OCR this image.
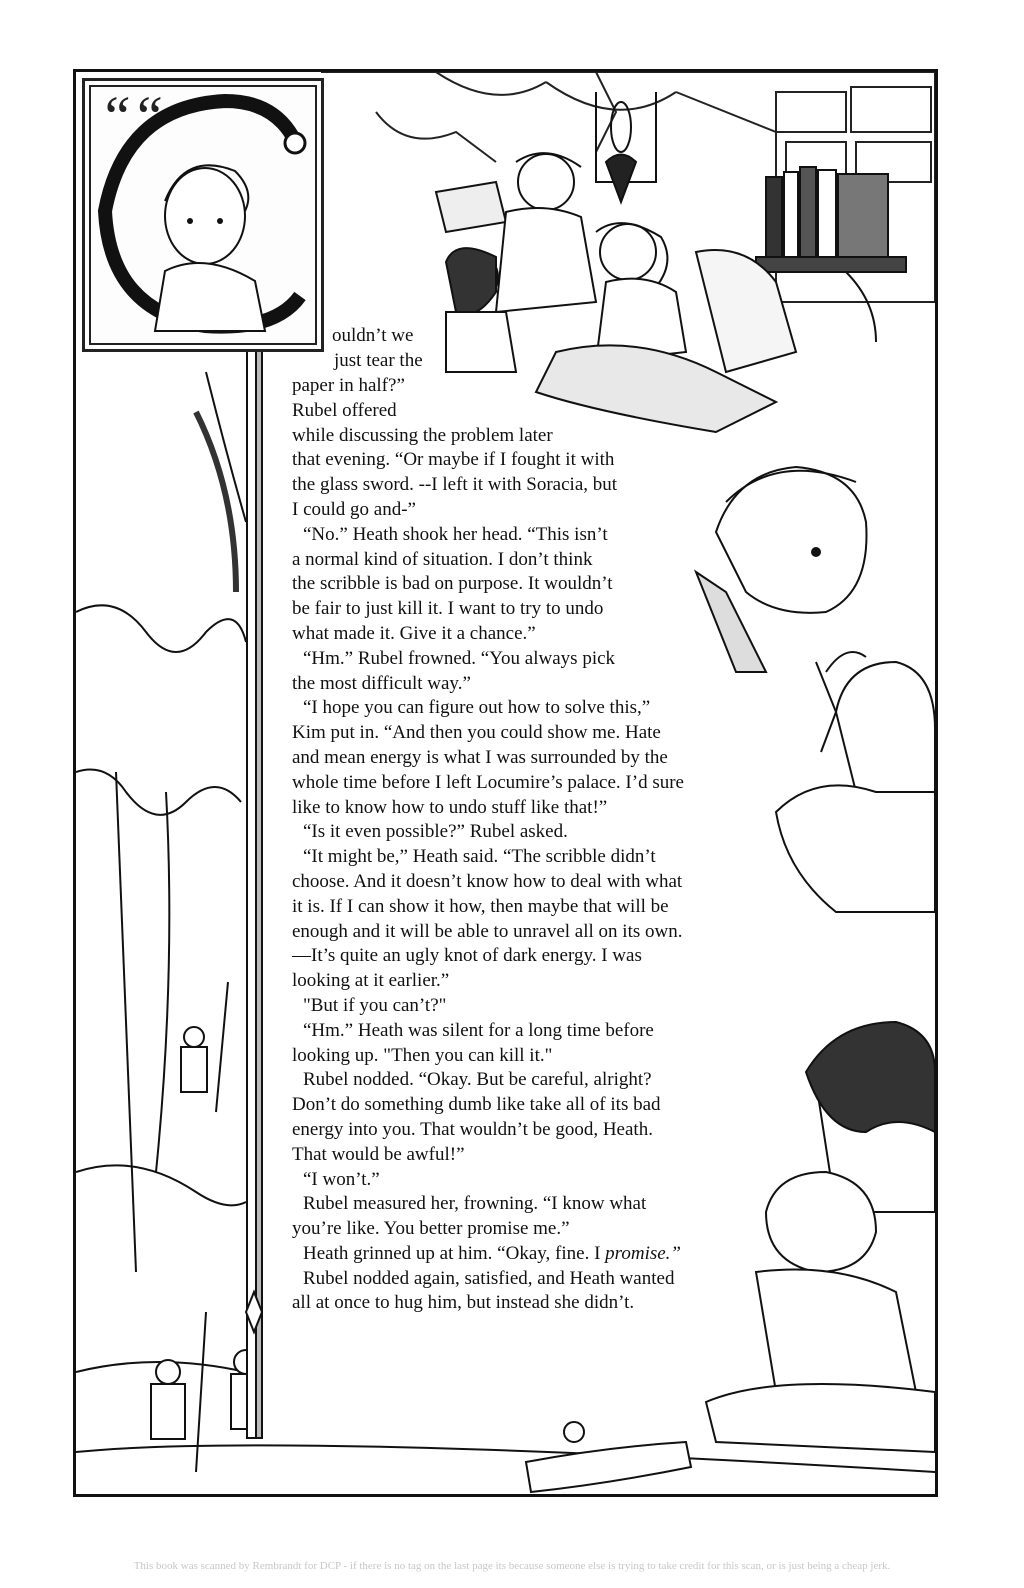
““
ouldn’t we
just tear the
paper in half?”
Rubel offered
while discussing the problem later
that evening. “Or maybe if I fought it with
the glass sword. --I left it with Soracia, but
I could go and-”
“No.” Heath shook her head. “This isn’t
a normal kind of situation. I don’t think
the scribble is bad on purpose. It wouldn’t
be fair to just kill it. I want to try to undo
what made it. Give it a chance.”
“Hm.” Rubel frowned. “You always pick
the most difficult way.”
“I hope you can figure out how to solve this,”
Kim put in. “And then you could show me. Hate
and mean energy is what I was surrounded by the
whole time before I left Locumire’s palace. I’d sure
like to know how to undo stuff like that!”
“Is it even possible?” Rubel asked.
“It might be,” Heath said. “The scribble didn’t
choose. And it doesn’t know how to deal with what
it is. If I can show it how, then maybe that will be
enough and it will be able to unravel all on its own.
—It’s quite an ugly knot of dark energy. I was
looking at it earlier.”
"But if you can’t?"
“Hm.” Heath was silent for a long time before
looking up. "Then you can kill it."
Rubel nodded. “Okay. But be careful, alright?
Don’t do something dumb like take all of its bad
energy into you. That wouldn’t be good, Heath.
That would be awful!”
“I won’t.”
Rubel measured her, frowning. “I know what
you’re like. You better promise me.”
Heath grinned up at him. “Okay, fine. I promise.”
Rubel nodded again, satisfied, and Heath wanted
all at once to hug him, but instead she didn’t.
This book was scanned by Rembrandt for DCP - if there is no tag on the last page its because someone else is trying to take credit for this scan, or is just being a cheap jerk.
